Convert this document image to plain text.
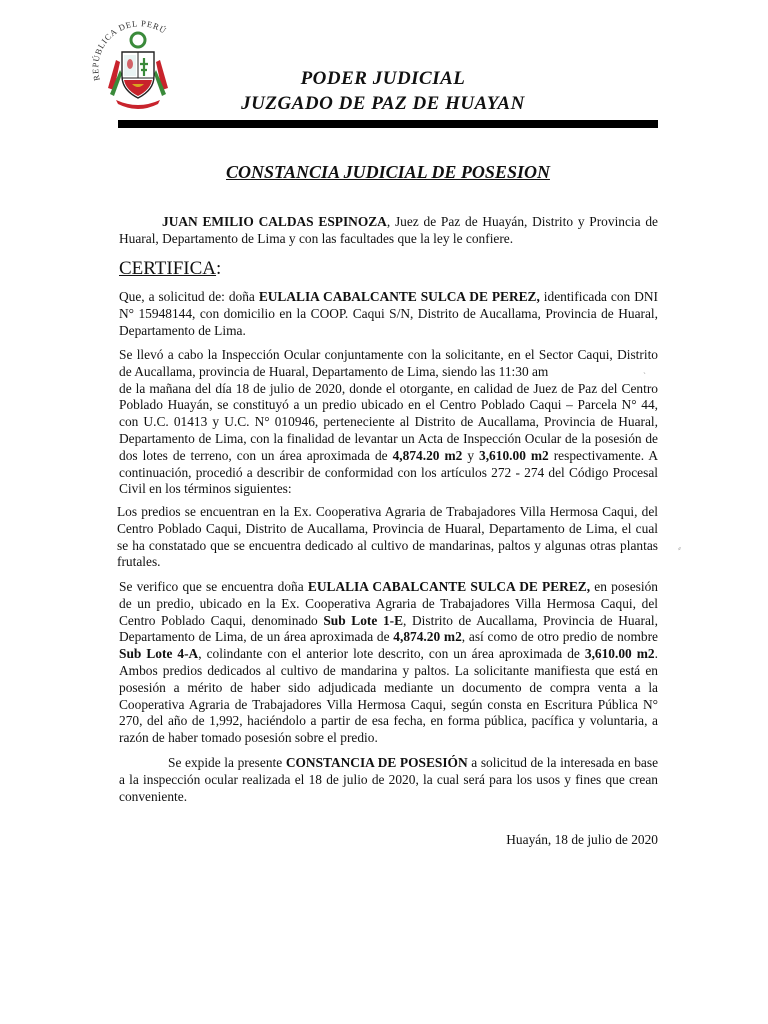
REPÚBLICA DEL PERÚ
PODER JUDICIAL
JUZGADO DE PAZ DE HUAYAN
CONSTANCIA JUDICIAL DE POSESION
JUAN EMILIO CALDAS ESPINOZA, Juez de Paz de Huayán, Distrito y Provincia de Huaral, Departamento de Lima y con las facultades que la ley le confiere.
CERTIFICA:
Que, a solicitud de: doña EULALIA CABALCANTE SULCA DE PEREZ, identificada con DNI N° 15948144, con domicilio en la COOP. Caqui S/N, Distrito de Aucallama, Provincia de Huaral, Departamento de Lima.
Se llevó a cabo la Inspección Ocular conjuntamente con la solicitante, en el Sector Caqui, Distrito de Aucallama, provincia de Huaral, Departamento de Lima, siendo las 11:30 am
de la mañana del día 18 de julio de 2020, donde el otorgante, en calidad de Juez de Paz del Centro Poblado Huayán, se constituyó a un predio ubicado en el Centro Poblado Caqui – Parcela N° 44, con U.C. 01413 y U.C. N° 010946, perteneciente al Distrito de Aucallama, Provincia de Huaral, Departamento de Lima, con la finalidad de levantar un Acta de Inspección Ocular de la posesión de dos lotes de terreno, con un área aproximada de 4,874.20 m2 y 3,610.00 m2 respectivamente. A continuación, procedió a describir de conformidad con los artículos 272 - 274 del Código Procesal Civil en los términos siguientes:
Los predios se encuentran en la Ex. Cooperativa Agraria de Trabajadores Villa Hermosa Caqui, del Centro Poblado Caqui, Distrito de Aucallama, Provincia de Huaral, Departamento de Lima, el cual se ha constatado que se encuentra dedicado al cultivo de mandarinas, paltos y algunas otras plantas frutales.
Se verifico que se encuentra doña EULALIA CABALCANTE SULCA DE PEREZ, en posesión de un predio, ubicado en la Ex. Cooperativa Agraria de Trabajadores Villa Hermosa Caqui, del Centro Poblado Caqui, denominado Sub Lote 1-E, Distrito de Aucallama, Provincia de Huaral, Departamento de Lima, de un área aproximada de 4,874.20 m2, así como de otro predio de nombre Sub Lote 4-A, colindante con el anterior lote descrito, con un área aproximada de 3,610.00 m2. Ambos predios dedicados al cultivo de mandarina y paltos. La solicitante manifiesta que está en posesión a mérito de haber sido adjudicada mediante un documento de compra venta a la Cooperativa Agraria de Trabajadores Villa Hermosa Caqui, según consta en Escritura Pública N° 270, del año de 1,992, haciéndolo a partir de esa fecha, en forma pública, pacífica y voluntaria, a razón de haber tomado posesión sobre el predio.
Se expide la presente CONSTANCIA DE POSESIÓN a solicitud de la interesada en base a la inspección ocular realizada el 18 de julio de 2020, la cual será para los usos y fines que crean conveniente.
Huayán, 18 de julio de 2020
ˎ
⸗
